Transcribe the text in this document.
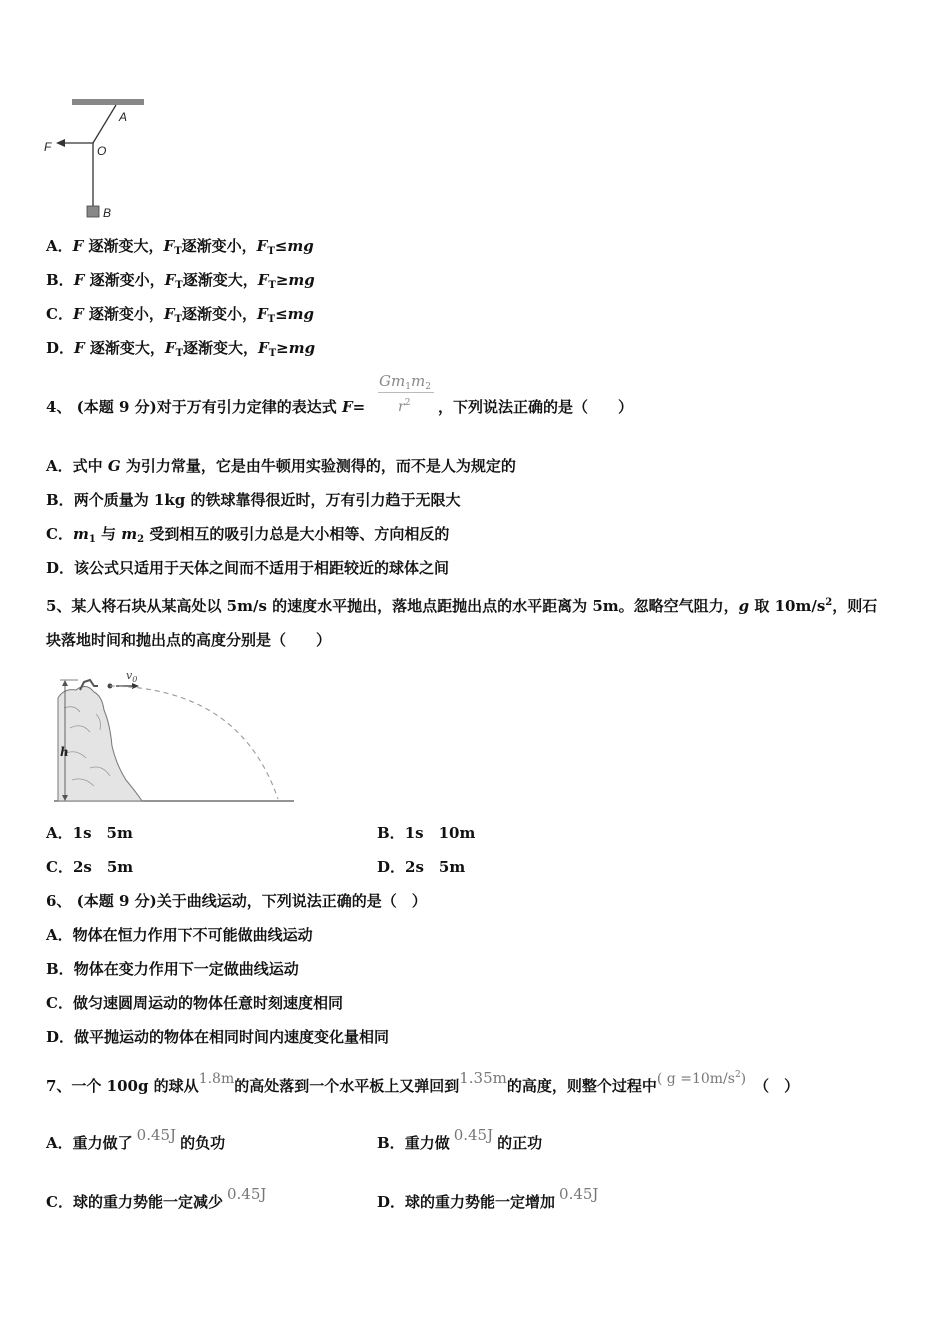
A
O
F
B
A．F 逐渐变大，$F_T$逐渐变小，$F_T\le mg$
B．F 逐渐变小，$F_T$逐渐变大，$F_T\ge mg$
C．F 逐渐变小，$F_T$逐渐变小，$F_T\le mg$
D．F 逐渐变大，$F_T$逐渐变大，$F_T\ge mg$
4、 (本题 9 分)对于万有引力定律的表达式 F=
$Gm_1m_2$
$r^2$ ，下列说法正确的是（　　）
A．式中 G 为引力常量，它是由牛顿用实验测得的，而不是人为规定的
B．两个质量为 1kg 的铁球靠得很近时，万有引力趋于无限大
C．$m_1$ 与 $m_2$ 受到相互的吸引力总是大小相等、方向相反的
D．该公式只适用于天体之间而不适用于相距较近的球体之间
5、某人将石块从某高处以 5m/s 的速度水平抛出，落地点距抛出点的水平距离为 5m。忽略空气阻力，g 取 $10m/s^2$，则石
块落地时间和抛出点的高度分别是（　　）
h
$v_0$
A．1s　5m	B．1s　10m
C．2s　5m	D．2s　5m
6、 (本题 9 分)关于曲线运动，下列说法正确的是（　）
A．物体在恒力作用下不可能做曲线运动
B．物体在变力作用下一定做曲线运动
C．做匀速圆周运动的物体任意时刻速度相同
D．做平抛运动的物体在相同时间内速度变化量相同
7、一个 100g 的球从1.8m的高处落到一个水平板上又弹回到1.35m的高度，则整个过程中( $g =10m/s^2$) （　）
A．重力做了 0.45J 的负功	B．重力做 0.45J 的正功
C．球的重力势能一定减少 0.45J	D．球的重力势能一定增加 0.45J
